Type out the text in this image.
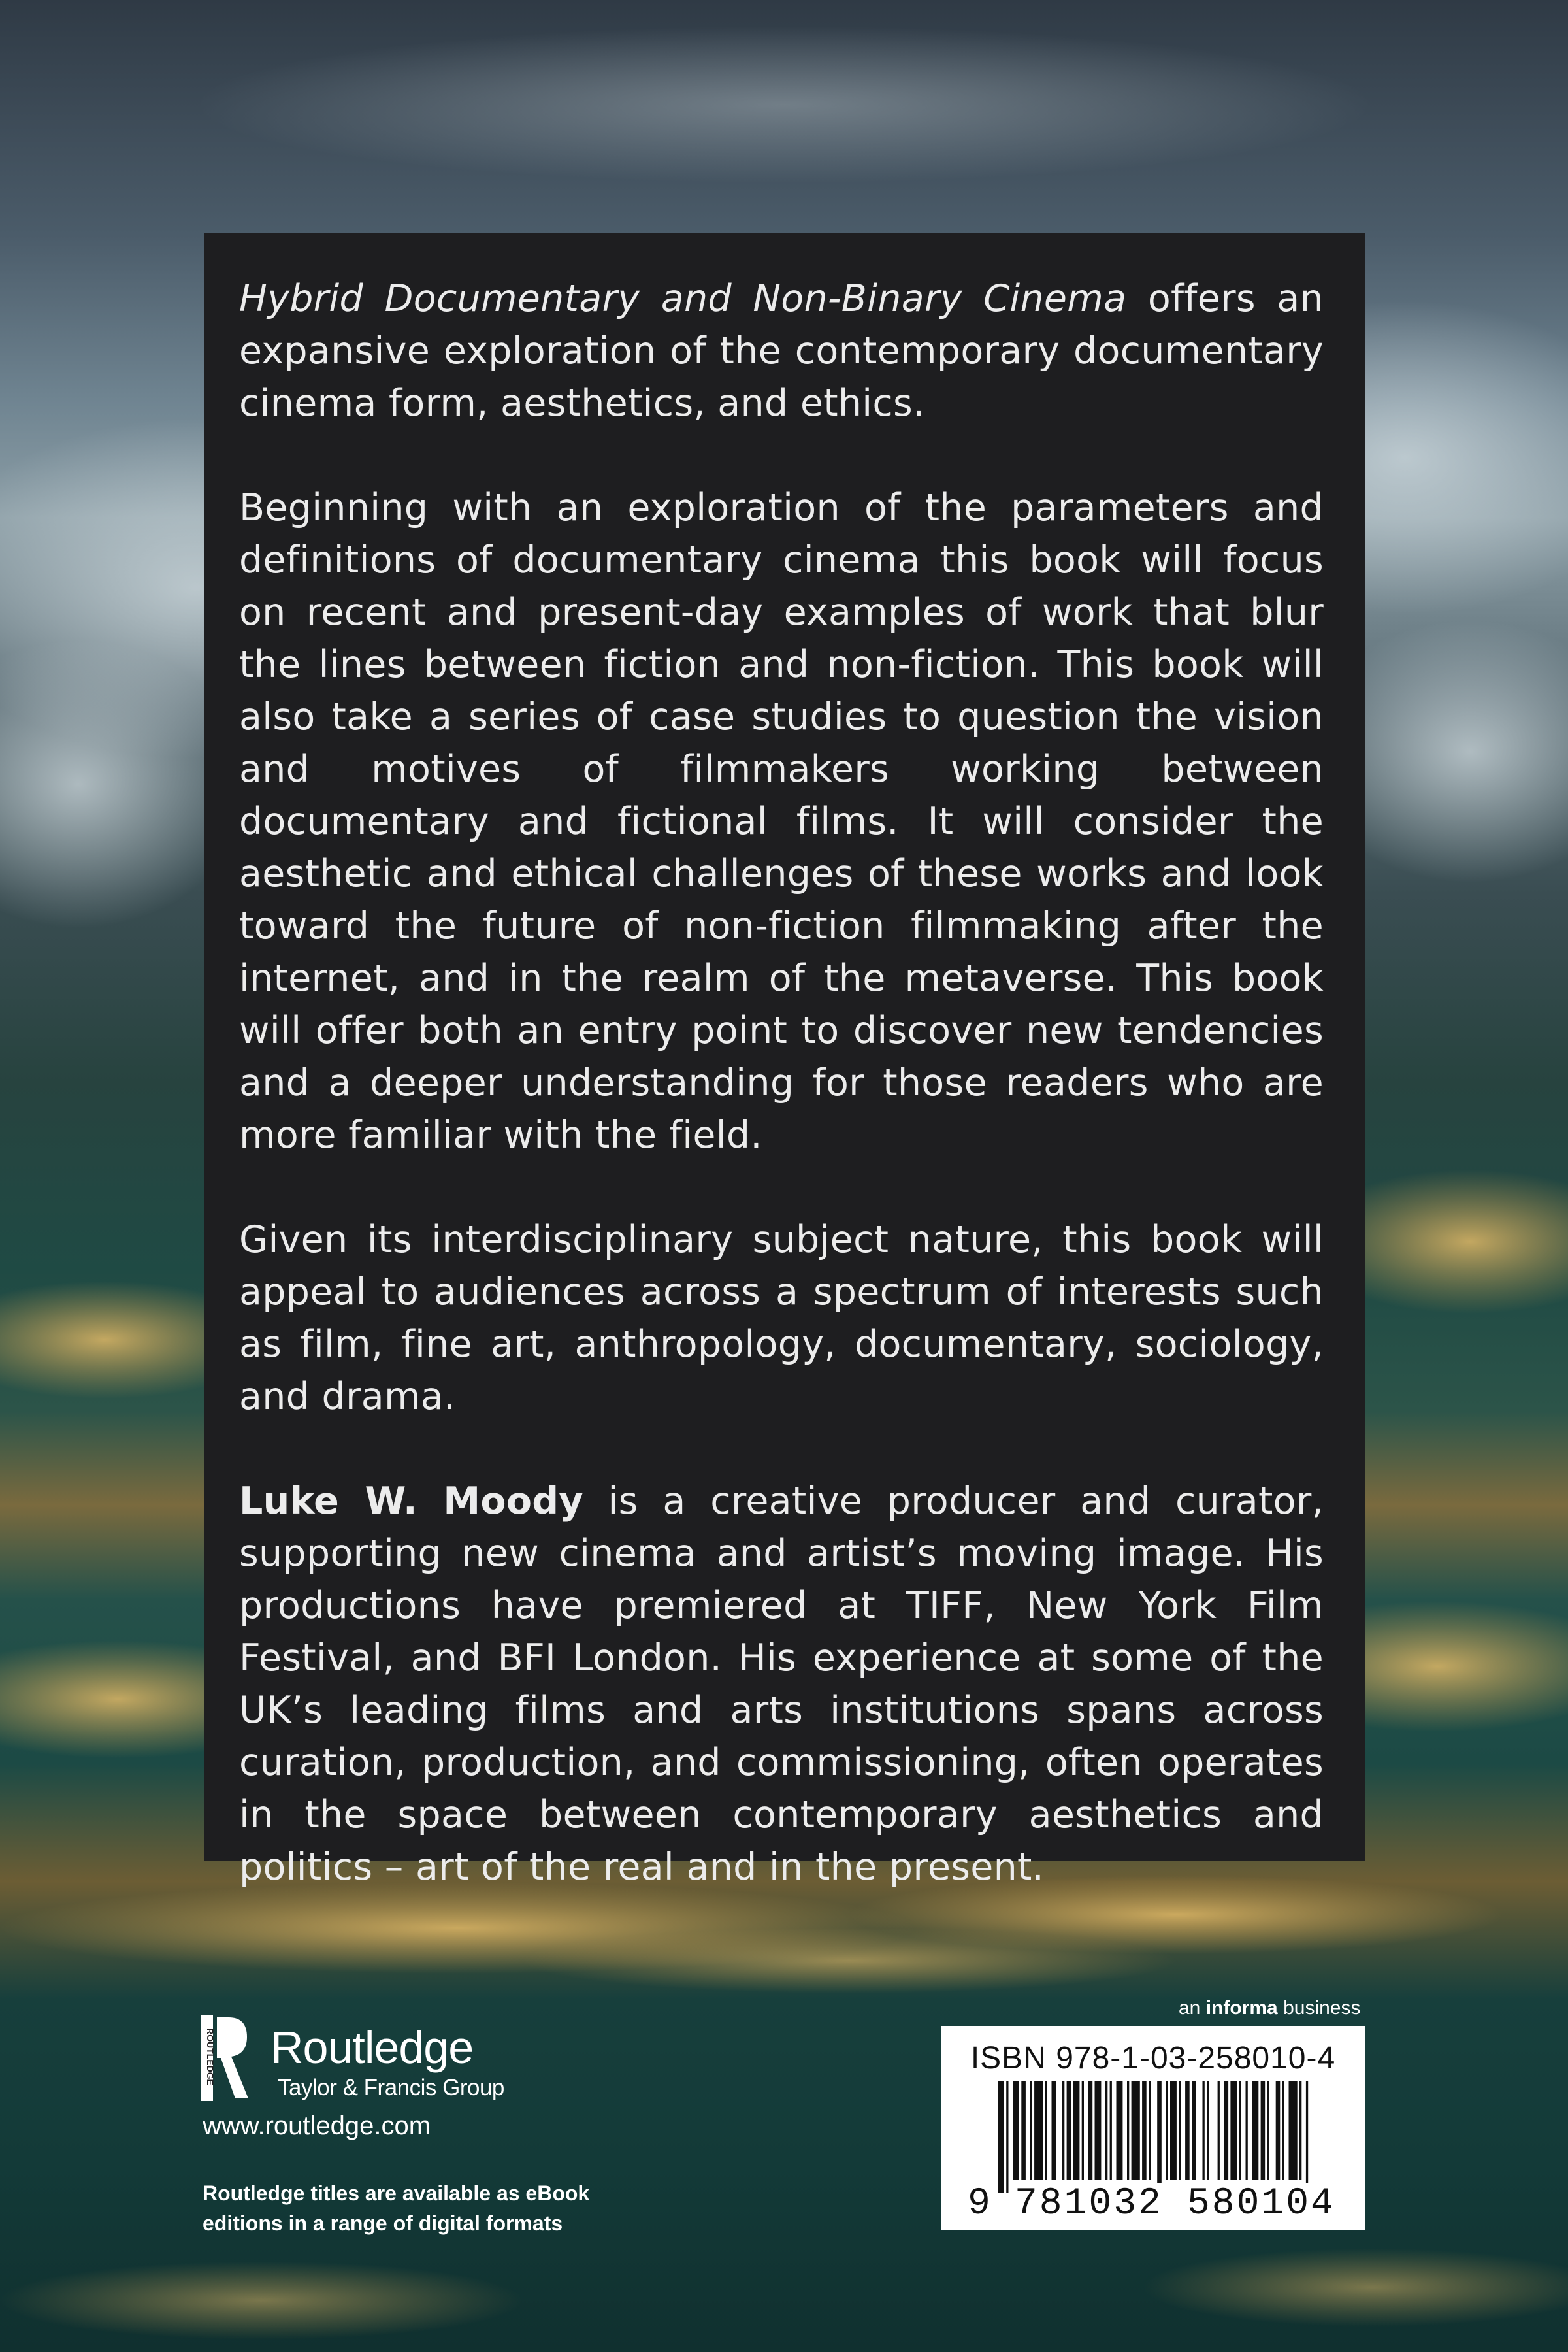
Hybrid Documentary and Non-Binary Cinema offers an expansive exploration of the contemporary documentary cinema form, aesthetics, and ethics.

Beginning with an exploration of the parameters and definitions of documentary cinema this book will focus on recent and present-day examples of work that blur the lines between fiction and non-fiction. This book will also take a series of case studies to question the vision and motives of filmmakers working between documentary and fictional films. It will consider the aesthetic and ethical challenges of these works and look toward the future of non-fiction filmmaking after the internet, and in the realm of the metaverse. This book will offer both an entry point to discover new tendencies and a deeper understanding for those readers who are more familiar with the field.

Given its interdisciplinary subject nature, this book will appeal to audiences across a spectrum of interests such as film, fine art, anthropology, documentary, sociology, and drama.

Luke W. Moody is a creative producer and curator, supporting new cinema and artist’s moving image. His productions have premiered at TIFF, New York Film Festival, and BFI London. His experience at some of the UK’s leading films and arts institutions spans across curation, production, and commissioning, often operates in the space between contemporary aesthetics and politics – art of the real and in the present.

ROUTLEDGE Routledge
Taylor & Francis Group
www.routledge.com
Routledge titles are available as eBook
editions in a range of digital formats
an informa business
ISBN 978-1-03-258010-4
9 781032 580104
